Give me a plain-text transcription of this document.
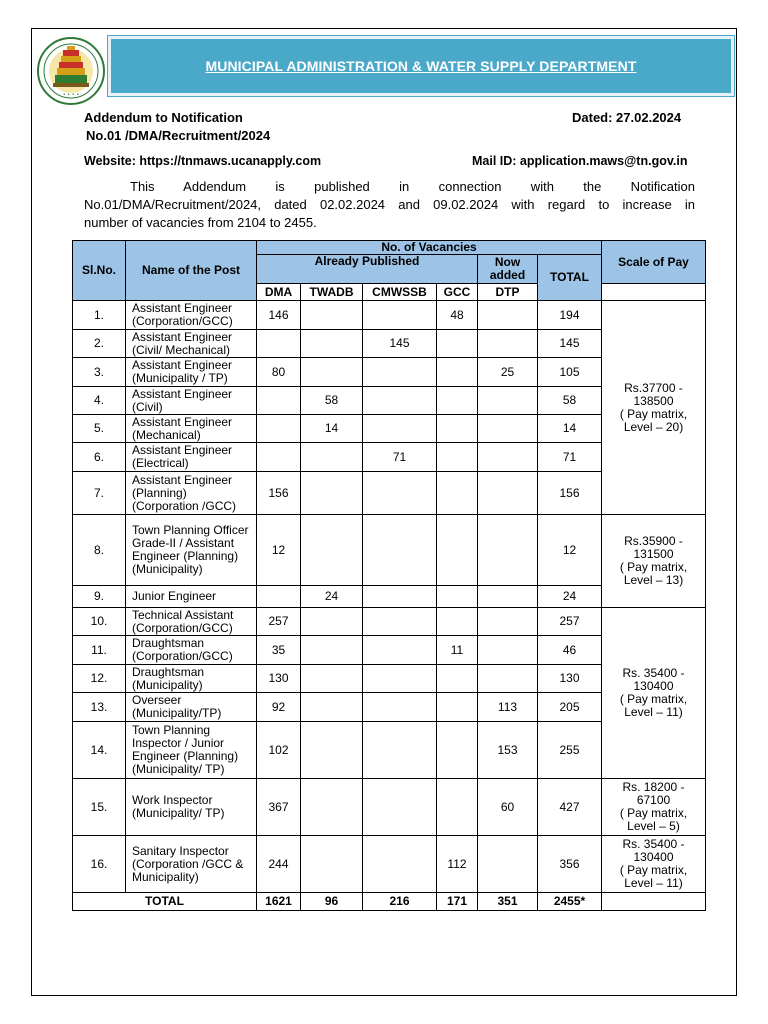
• • • •
MUNICIPAL ADMINISTRATION & WATER SUPPLY DEPARTMENT
Addendum to Notification
No.01 /DMA/Recruitment/2024
Dated: 27.02.2024
Website: https://tnmaws.ucanapply.com	Mail ID: application.maws@tn.gov.in
This Addendum is published in connection with the Notification
No.01/DMA/Recruitment/2024, dated 02.02.2024 and 09.02.2024 with regard to increase in
number of vacancies from 2104 to 2455.
Sl.No.	Name of the Post	No. of Vacancies						Scale of Pay
		Already Published				Now added	TOTAL	
		DMA	TWADB	CMWSSB	GCC	DTP		
1.	Assistant Engineer (Corporation/GCC)	146			48		194	Rs.37700 -
138500
( Pay matrix,
Level – 20)

2.	Assistant Engineer (Civil/ Mechanical)			145			145	
3.	Assistant Engineer (Municipality / TP)	80				25	105	
4.	Assistant Engineer (Civil)		58				58	
5.	Assistant Engineer (Mechanical)		14				14	
6.	Assistant Engineer (Electrical)			71			71	
7.	Assistant Engineer (Planning) (Corporation /GCC)	156					156	
8.	Town Planning Officer Grade-II / Assistant Engineer (Planning) (Municipality)	12					12	Rs.35900 -
131500
( Pay matrix,
Level – 13)

9.	Junior Engineer		24				24	
10.	Technical Assistant (Corporation/GCC)	257					257	Rs. 35400 -
130400
( Pay matrix,
Level – 11)

11.	Draughtsman (Corporation/GCC)	35			11		46	
12.	Draughtsman (Municipality)	130					130	
13.	Overseer (Municipality/TP)	92				113	205	
14.	Town Planning Inspector / Junior Engineer (Planning) (Municipality/ TP)	102				153	255	
15.	Work Inspector (Municipality/ TP)	367				60	427	Rs. 18200 -
67100
( Pay matrix,
Level – 5)

16.	Sanitary Inspector (Corporation /GCC & Municipality)	244			112		356	Rs. 35400 -
130400
( Pay matrix,
Level – 11)

TOTAL		1621	96	216	171	351	2455*	
